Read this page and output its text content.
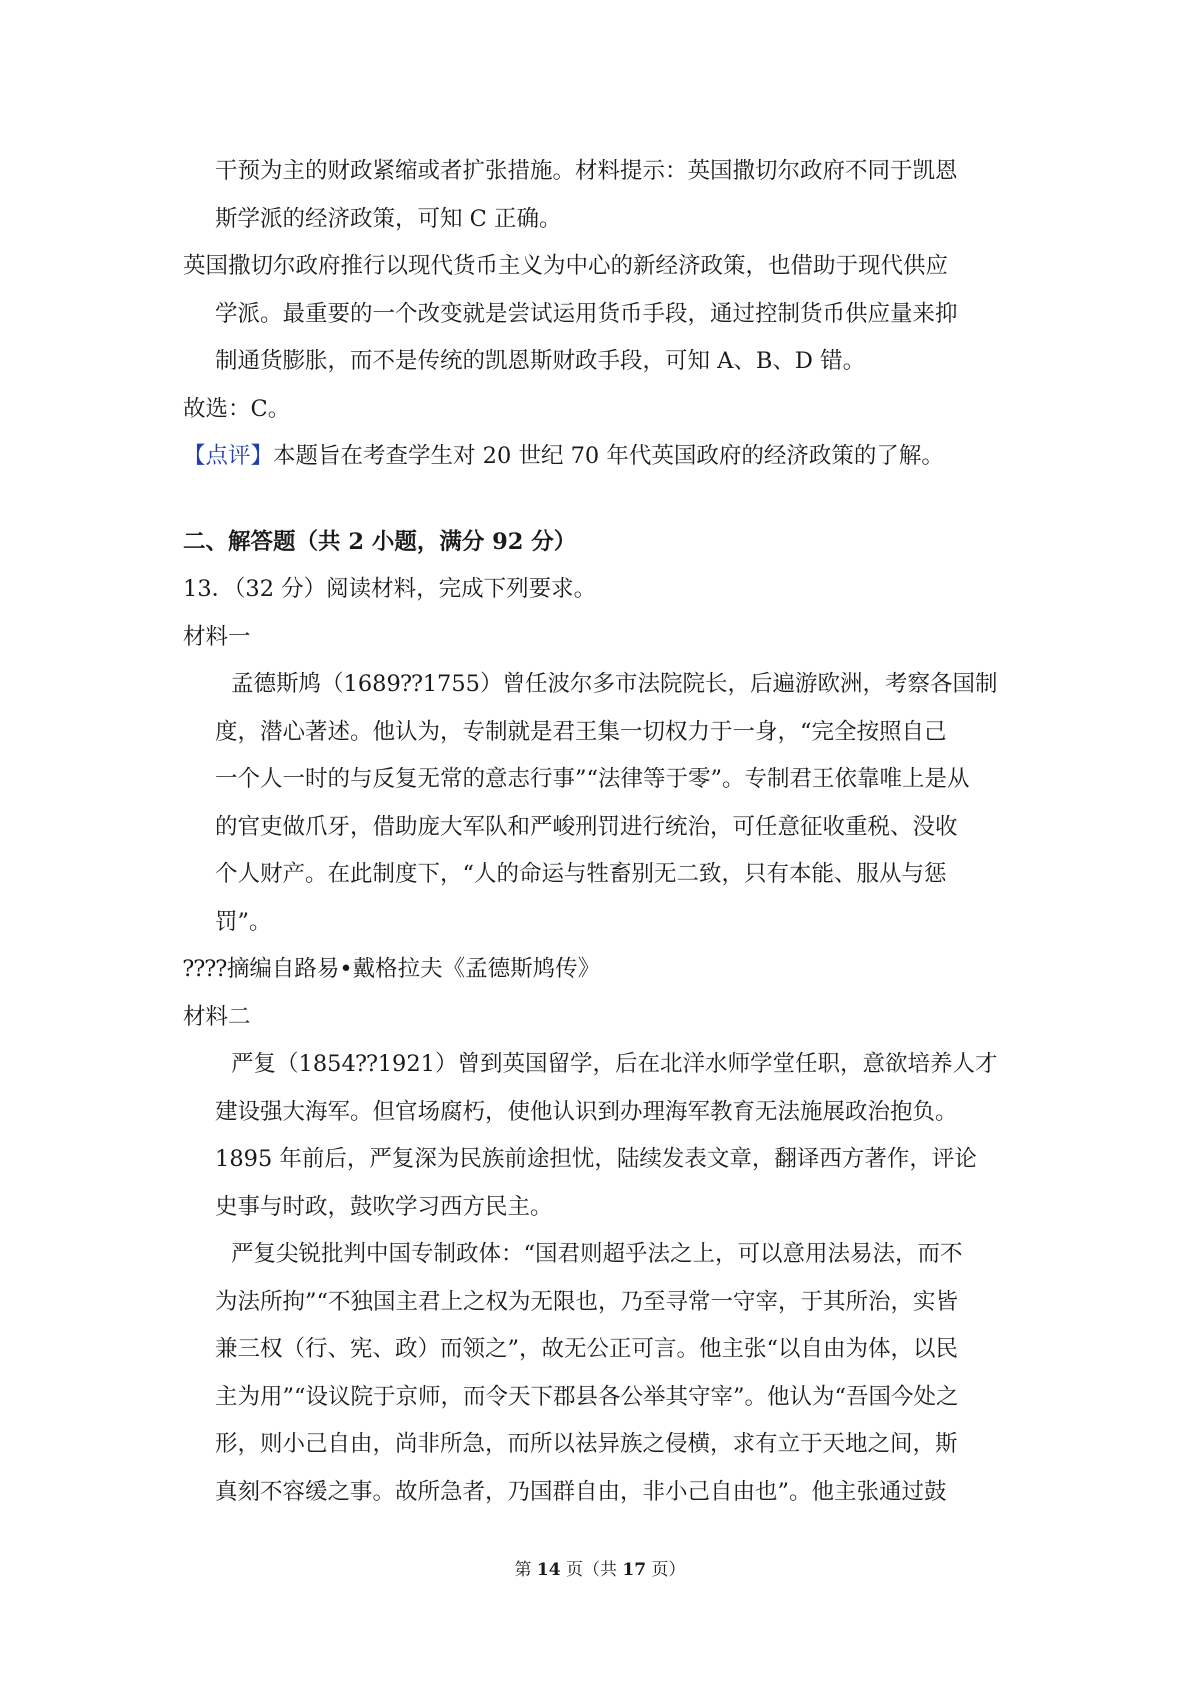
干预为主的财政紧缩或者扩张措施。材料提示：英国撒切尔政府不同于凯恩
斯学派的经济政策，可知 C 正确。
英国撒切尔政府推行以现代货币主义为中心的新经济政策，也借助于现代供应
学派。最重要的一个改变就是尝试运用货币手段，通过控制货币供应量来抑
制通货膨胀，而不是传统的凯恩斯财政手段，可知 A、B、D 错。
故选：C。
【点评】本题旨在考查学生对 20 世纪 70 年代英国政府的经济政策的了解。
二、解答题（共 2 小题，满分 92 分）
13．（32 分）阅读材料，完成下列要求。
材料一
孟德斯鸠（1689⁇1755）曾任波尔多市法院院长，后遍游欧洲，考察各国制
度，潜心著述。他认为，专制就是君王集一切权力于一身，“完全按照自己
一个人一时的与反复无常的意志行事”“法律等于零”。专制君王依靠唯上是从
的官吏做爪牙，借助庞大军队和严峻刑罚进行统治，可任意征收重税、没收
个人财产。在此制度下，“人的命运与牲畜别无二致，只有本能、服从与惩
罚”。
⁇⁇摘编自路易•戴格拉夫《孟德斯鸠传》
材料二
严复（1854⁇1921）曾到英国留学，后在北洋水师学堂任职，意欲培养人才
建设强大海军。但官场腐朽，使他认识到办理海军教育无法施展政治抱负。
1895 年前后，严复深为民族前途担忧，陆续发表文章，翻译西方著作，评论
史事与时政，鼓吹学习西方民主。
严复尖锐批判中国专制政体：“国君则超乎法之上，可以意用法易法，而不
为法所拘”“不独国主君上之权为无限也，乃至寻常一守宰，于其所治，实皆
兼三权（行、宪、政）而领之”，故无公正可言。他主张“以自由为体，以民
主为用”“设议院于京师，而令天下郡县各公举其守宰”。他认为“吾国今处之
形，则小己自由，尚非所急，而所以祛异族之侵横，求有立于天地之间，斯
真刻不容缓之事。故所急者，乃国群自由，非小己自由也”。他主张通过鼓
第 14 页（共 17 页）
